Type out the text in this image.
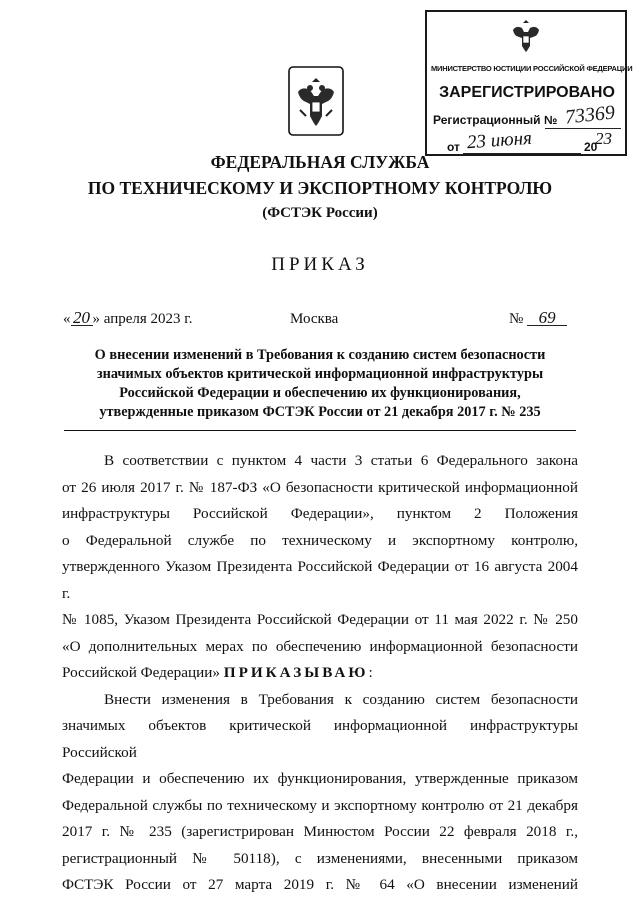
МИНИСТЕРСТВО ЮСТИЦИИ РОССИЙСКОЙ ФЕДЕРАЦИИ
ЗАРЕГИСТРИРОВАНО
Регистрационный № 73369
от 23 июня	20
23
ФЕДЕРАЛЬНАЯ СЛУЖБА
ПО ТЕХНИЧЕСКОМУ И ЭКСПОРТНОМУ КОНТРОЛЮ
(ФСТЭК России)
ПРИКАЗ
« 20 » апреля 2023 г.	Москва	№ 69
О внесении изменений в Требования к созданию систем безопасности
значимых объектов критической информационной инфраструктуры
Российской Федерации и обеспечению их функционирования,
утвержденные приказом ФСТЭК России от 21 декабря 2017 г. № 235
В соответствии с пунктом 4 части 3 статьи 6 Федерального закона
от 26 июля 2017 г. № 187-ФЗ «О безопасности критической информационной
инфраструктуры Российской Федерации», пунктом 2 Положения
о Федеральной службе по техническому и экспортному контролю,
утвержденного Указом Президента Российской Федерации от 16 августа 2004 г.
№ 1085, Указом Президента Российской Федерации от 11 мая 2022 г. № 250
«О дополнительных мерах по обеспечению информационной безопасности
Российской Федерации» ПРИКАЗЫВАЮ:
Внести изменения в Требования к созданию систем безопасности
значимых объектов критической информационной инфраструктуры Российской
Федерации и обеспечению их функционирования, утвержденные приказом
Федеральной службы по техническому и экспортному контролю от 21 декабря
2017 г. № 235 (зарегистрирован Минюстом России 22 февраля 2018 г.,
регистрационный № 50118), с изменениями, внесенными приказом
ФСТЭК России от 27 марта 2019 г. № 64 «О внесении изменений
